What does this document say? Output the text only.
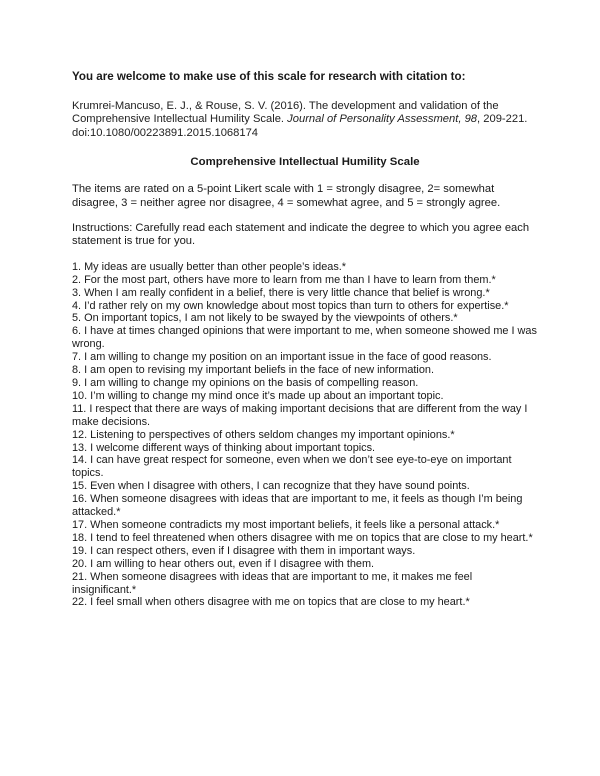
You are welcome to make use of this scale for research with citation to:

Krumrei-Mancuso, E. J., & Rouse, S. V. (2016). The development and validation of the Comprehensive Intellectual Humility Scale. Journal of Personality Assessment, 98, 209-221. doi:10.1080/00223891.2015.1068174

Comprehensive Intellectual Humility Scale

The items are rated on a 5-point Likert scale with 1 = strongly disagree, 2= somewhat disagree, 3 = neither agree nor disagree, 4 = somewhat agree, and 5 = strongly agree.

Instructions: Carefully read each statement and indicate the degree to which you agree each statement is true for you.

1. My ideas are usually better than other people’s ideas.*
2. For the most part, others have more to learn from me than I have to learn from them.*
3. When I am really confident in a belief, there is very little chance that belief is wrong.*
4. I’d rather rely on my own knowledge about most topics than turn to others for expertise.*
5. On important topics, I am not likely to be swayed by the viewpoints of others.*
6. I have at times changed opinions that were important to me, when someone showed me I was wrong.
7. I am willing to change my position on an important issue in the face of good reasons.
8. I am open to revising my important beliefs in the face of new information.
9. I am willing to change my opinions on the basis of compelling reason.
10. I’m willing to change my mind once it’s made up about an important topic.
11. I respect that there are ways of making important decisions that are different from the way I make decisions.
12. Listening to perspectives of others seldom changes my important opinions.*
13. I welcome different ways of thinking about important topics.
14. I can have great respect for someone, even when we don’t see eye-to-eye on important topics.
15. Even when I disagree with others, I can recognize that they have sound points.
16. When someone disagrees with ideas that are important to me, it feels as though I’m being attacked.*
17. When someone contradicts my most important beliefs, it feels like a personal attack.*
18. I tend to feel threatened when others disagree with me on topics that are close to my heart.*
19. I can respect others, even if I disagree with them in important ways.
20. I am willing to hear others out, even if I disagree with them.
21. When someone disagrees with ideas that are important to me, it makes me feel insignificant.*
22. I feel small when others disagree with me on topics that are close to my heart.*
